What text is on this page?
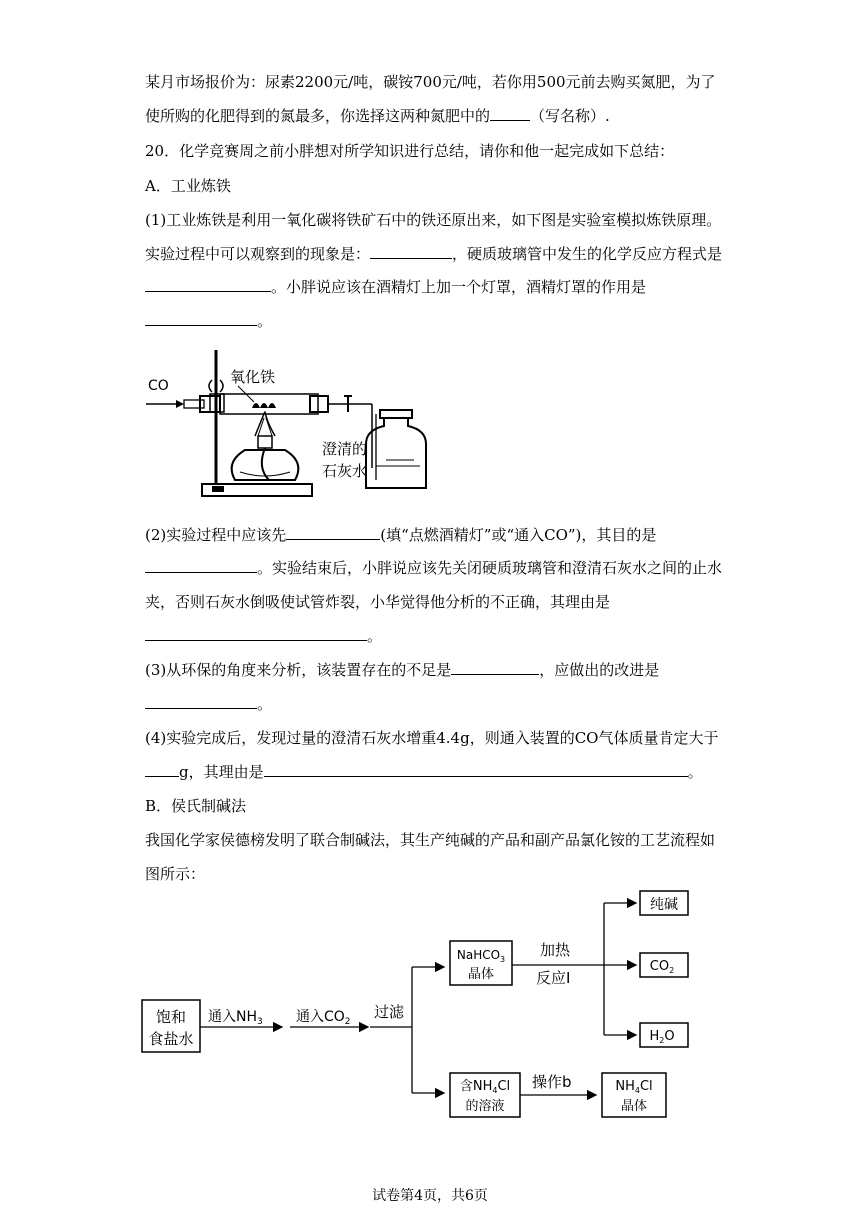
某月市场报价为：尿素2200元/吨，碳铵700元/吨，若你用500元前去购买氮肥，为了
使所购的化肥得到的氮最多，你选择这两种氮肥中的	（写名称）.
20．化学竞赛周之前小胖想对所学知识进行总结，请你和他一起完成如下总结：
A．工业炼铁
(1)工业炼铁是利用一氧化碳将铁矿石中的铁还原出来，如下图是实验室模拟炼铁原理。
实验过程中可以观察到的现象是：	，硬质玻璃管中发生的化学反应方程式是
。小胖说应该在酒精灯上加一个灯罩，酒精灯罩的作用是
。
CO	氧化铁
澄清的
石灰水
(2)实验过程中应该先	(填“点燃酒精灯”或“通入CO”)，其目的是
。实验结束后，小胖说应该先关闭硬质玻璃管和澄清石灰水之间的止水
夹，否则石灰水倒吸使试管炸裂，小华觉得他分析的不正确，其理由是
。
(3)从环保的角度来分析，该装置存在的不足是	，应做出的改进是
。
(4)实验完成后，发现过量的澄清石灰水增重4.4g，则通入装置的CO气体质量肯定大于
g，其理由是	。
B．侯氏制碱法
我国化学家侯德榜发明了联合制碱法，其生产纯碱的产品和副产品氯化铵的工艺流程如
图所示：
饱和
食盐水
通入$NH_3$ 通入$CO_2$
过滤
NaHCO$_3$
晶体
加热
反应Ⅰ
纯碱
$CO_2$
$H_2O$
含$NH_4Cl$
的溶液
操作b	$NH_4Cl$
晶体
试卷第4页，共6页
